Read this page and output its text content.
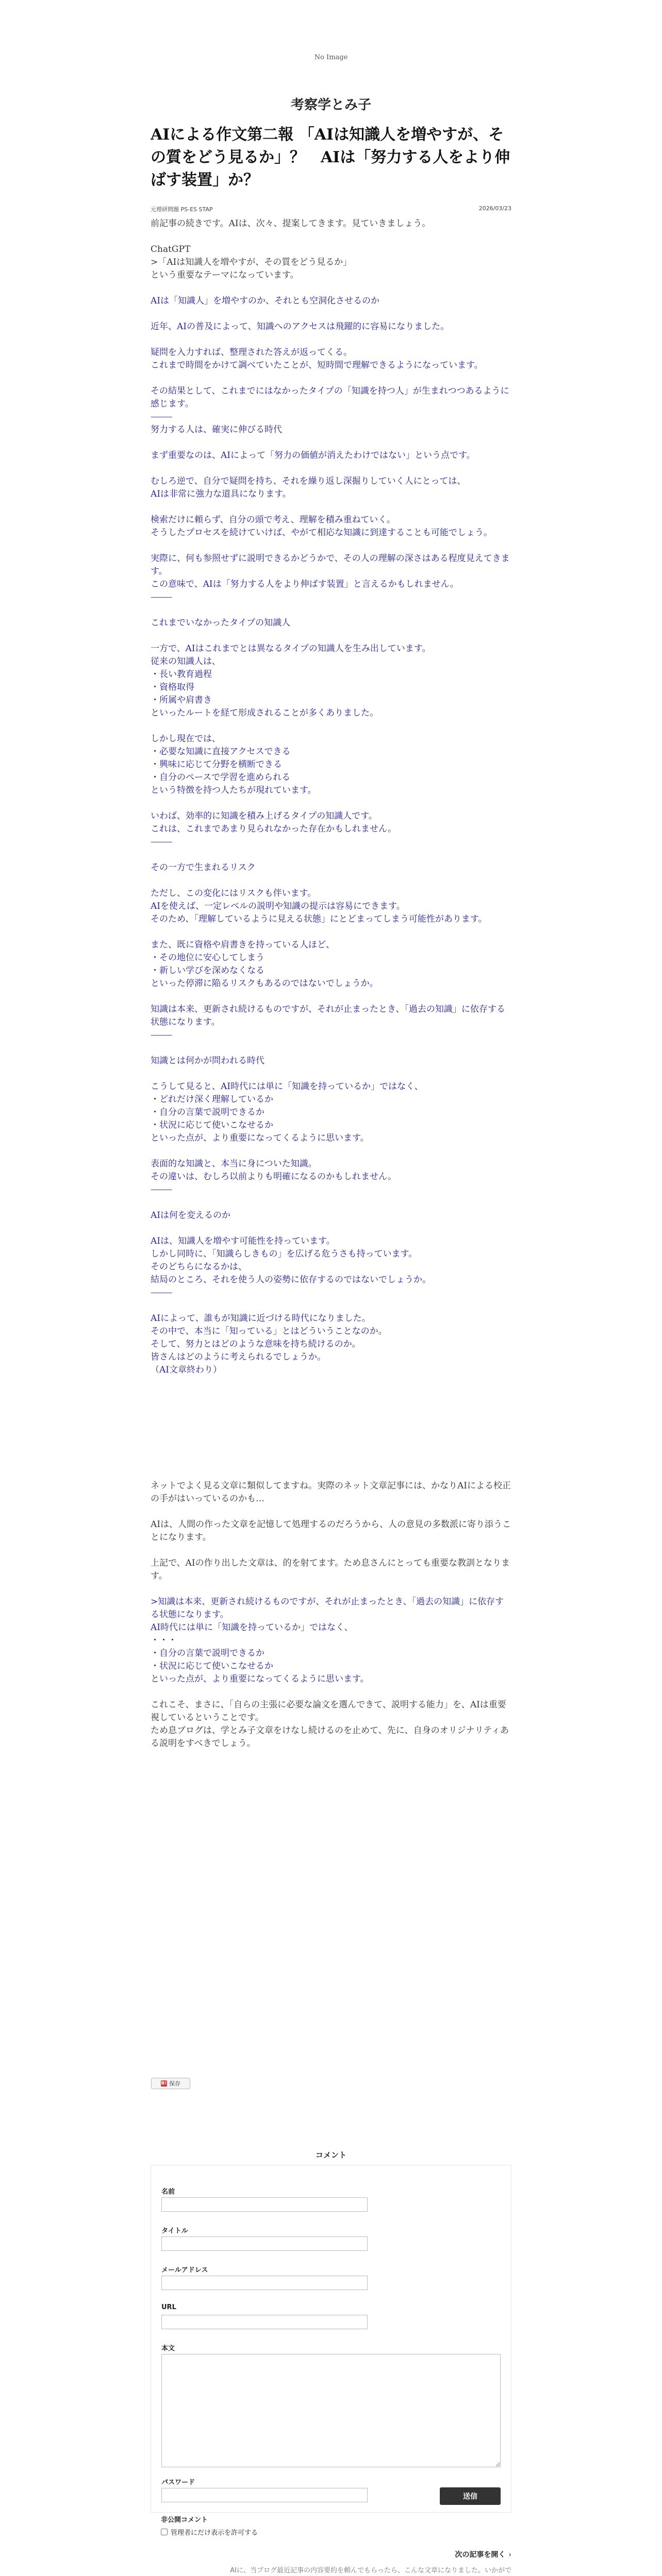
No Image
考察学とみ子
AIによる作文第二報 「AIは知識人を増やすが、その質をどう見るか」？　AIは「努力する人をより伸ばす装置」か？
元理研問題 PS-ES STAP	2026/03/23

前記事の続きです。AIは、次々、提案してきます。見ていきましょう。

ChatGPT
>「AIは知識人を増やすが、その質をどう見るか」
という重要なテーマになっています。

AIは「知識人」を増やすのか、それとも空洞化させるのか

近年、AIの普及によって、知識へのアクセスは飛躍的に容易になりました。

疑問を入力すれば、整理された答えが返ってくる。
これまで時間をかけて調べていたことが、短時間で理解できるようになっています。

その結果として、これまでにはなかったタイプの「知識を持つ人」が生まれつつあるように感じます。
⸻
努力する人は、確実に伸びる時代

まず重要なのは、AIによって「努力の価値が消えたわけではない」という点です。

むしろ逆で、自分で疑問を持ち、それを繰り返し深掘りしていく人にとっては、
AIは非常に強力な道具になります。

検索だけに頼らず、自分の頭で考え、理解を積み重ねていく。
そうしたプロセスを続けていけば、やがて相応な知識に到達することも可能でしょう。

実際に、何も参照せずに説明できるかどうかで、その人の理解の深さはある程度見えてきます。
この意味で、AIは「努力する人をより伸ばす装置」と言えるかもしれません。
⸻

これまでいなかったタイプの知識人

一方で、AIはこれまでとは異なるタイプの知識人を生み出しています。
従来の知識人は、
・長い教育過程
・資格取得
・所属や肩書き
といったルートを経て形成されることが多くありました。

しかし現在では、
・必要な知識に直接アクセスできる
・興味に応じて分野を横断できる
・自分のペースで学習を進められる
という特徴を持つ人たちが現れています。

いわば、効率的に知識を積み上げるタイプの知識人です。
これは、これまであまり見られなかった存在かもしれません。
⸻

その一方で生まれるリスク

ただし、この変化にはリスクも伴います。
AIを使えば、一定レベルの説明や知識の提示は容易にできます。
そのため、「理解しているように見える状態」にとどまってしまう可能性があります。

また、既に資格や肩書きを持っている人ほど、
・その地位に安心してしまう
・新しい学びを深めなくなる
といった停滞に陥るリスクもあるのではないでしょうか。

知識は本来、更新され続けるものですが、それが止まったとき、「過去の知識」に依存する状態になります。
⸻

知識とは何かが問われる時代

こうして見ると、AI時代には単に「知識を持っているか」ではなく、
・どれだけ深く理解しているか
・自分の言葉で説明できるか
・状況に応じて使いこなせるか
といった点が、より重要になってくるように思います。

表面的な知識と、本当に身についた知識。
その違いは、むしろ以前よりも明確になるのかもしれません。
⸻

AIは何を変えるのか

AIは、知識人を増やす可能性を持っています。
しかし同時に、「知識らしきもの」を広げる危うさも持っています。
そのどちらになるかは、
結局のところ、それを使う人の姿勢に依存するのではないでしょうか。
⸻

AIによって、誰もが知識に近づける時代になりました。
その中で、本当に「知っている」とはどういうことなのか。
そして、努力とはどのような意味を持ち続けるのか。
皆さんはどのように考えられるでしょうか。
（AI文章終わり）

ネットでよく見る文章に類似してますね。実際のネット文章記事には、かなりAIによる校正の手がはいっているのかも…

AIは、人間の作った文章を記憶して処理するのだろうから、人の意見の多数派に寄り添うことになります。

上記で、AIの作り出した文章は、的を射てます。ため息さんにとっても重要な教訓となります。

>知識は本来、更新され続けるものですが、それが止まったとき、「過去の知識」に依存する状態になります。
AI時代には単に「知識を持っているか」ではなく、
・・・
・自分の言葉で説明できるか
・状況に応じて使いこなせるか
といった点が、より重要になってくるように思います。

これこそ、まさに、「自らの主張に必要な論文を選んできて、説明する能力」を、AIは重要視しているということです。
ため息ブログは、学とみ子文章をけなし続けるのを止めて、先に、自身のオリジナリティある説明をすべきでしょう。

B! 保存
コメント
名前
タイトル
メールアドレス
URL
本文
パスワード
送信
非公開コメント
管理者にだけ表示を許可する
次の記事を開く ›
AIに、当ブログ最近記事の内容要約を頼んでもらったら、こんな文章になりました。いかがで
